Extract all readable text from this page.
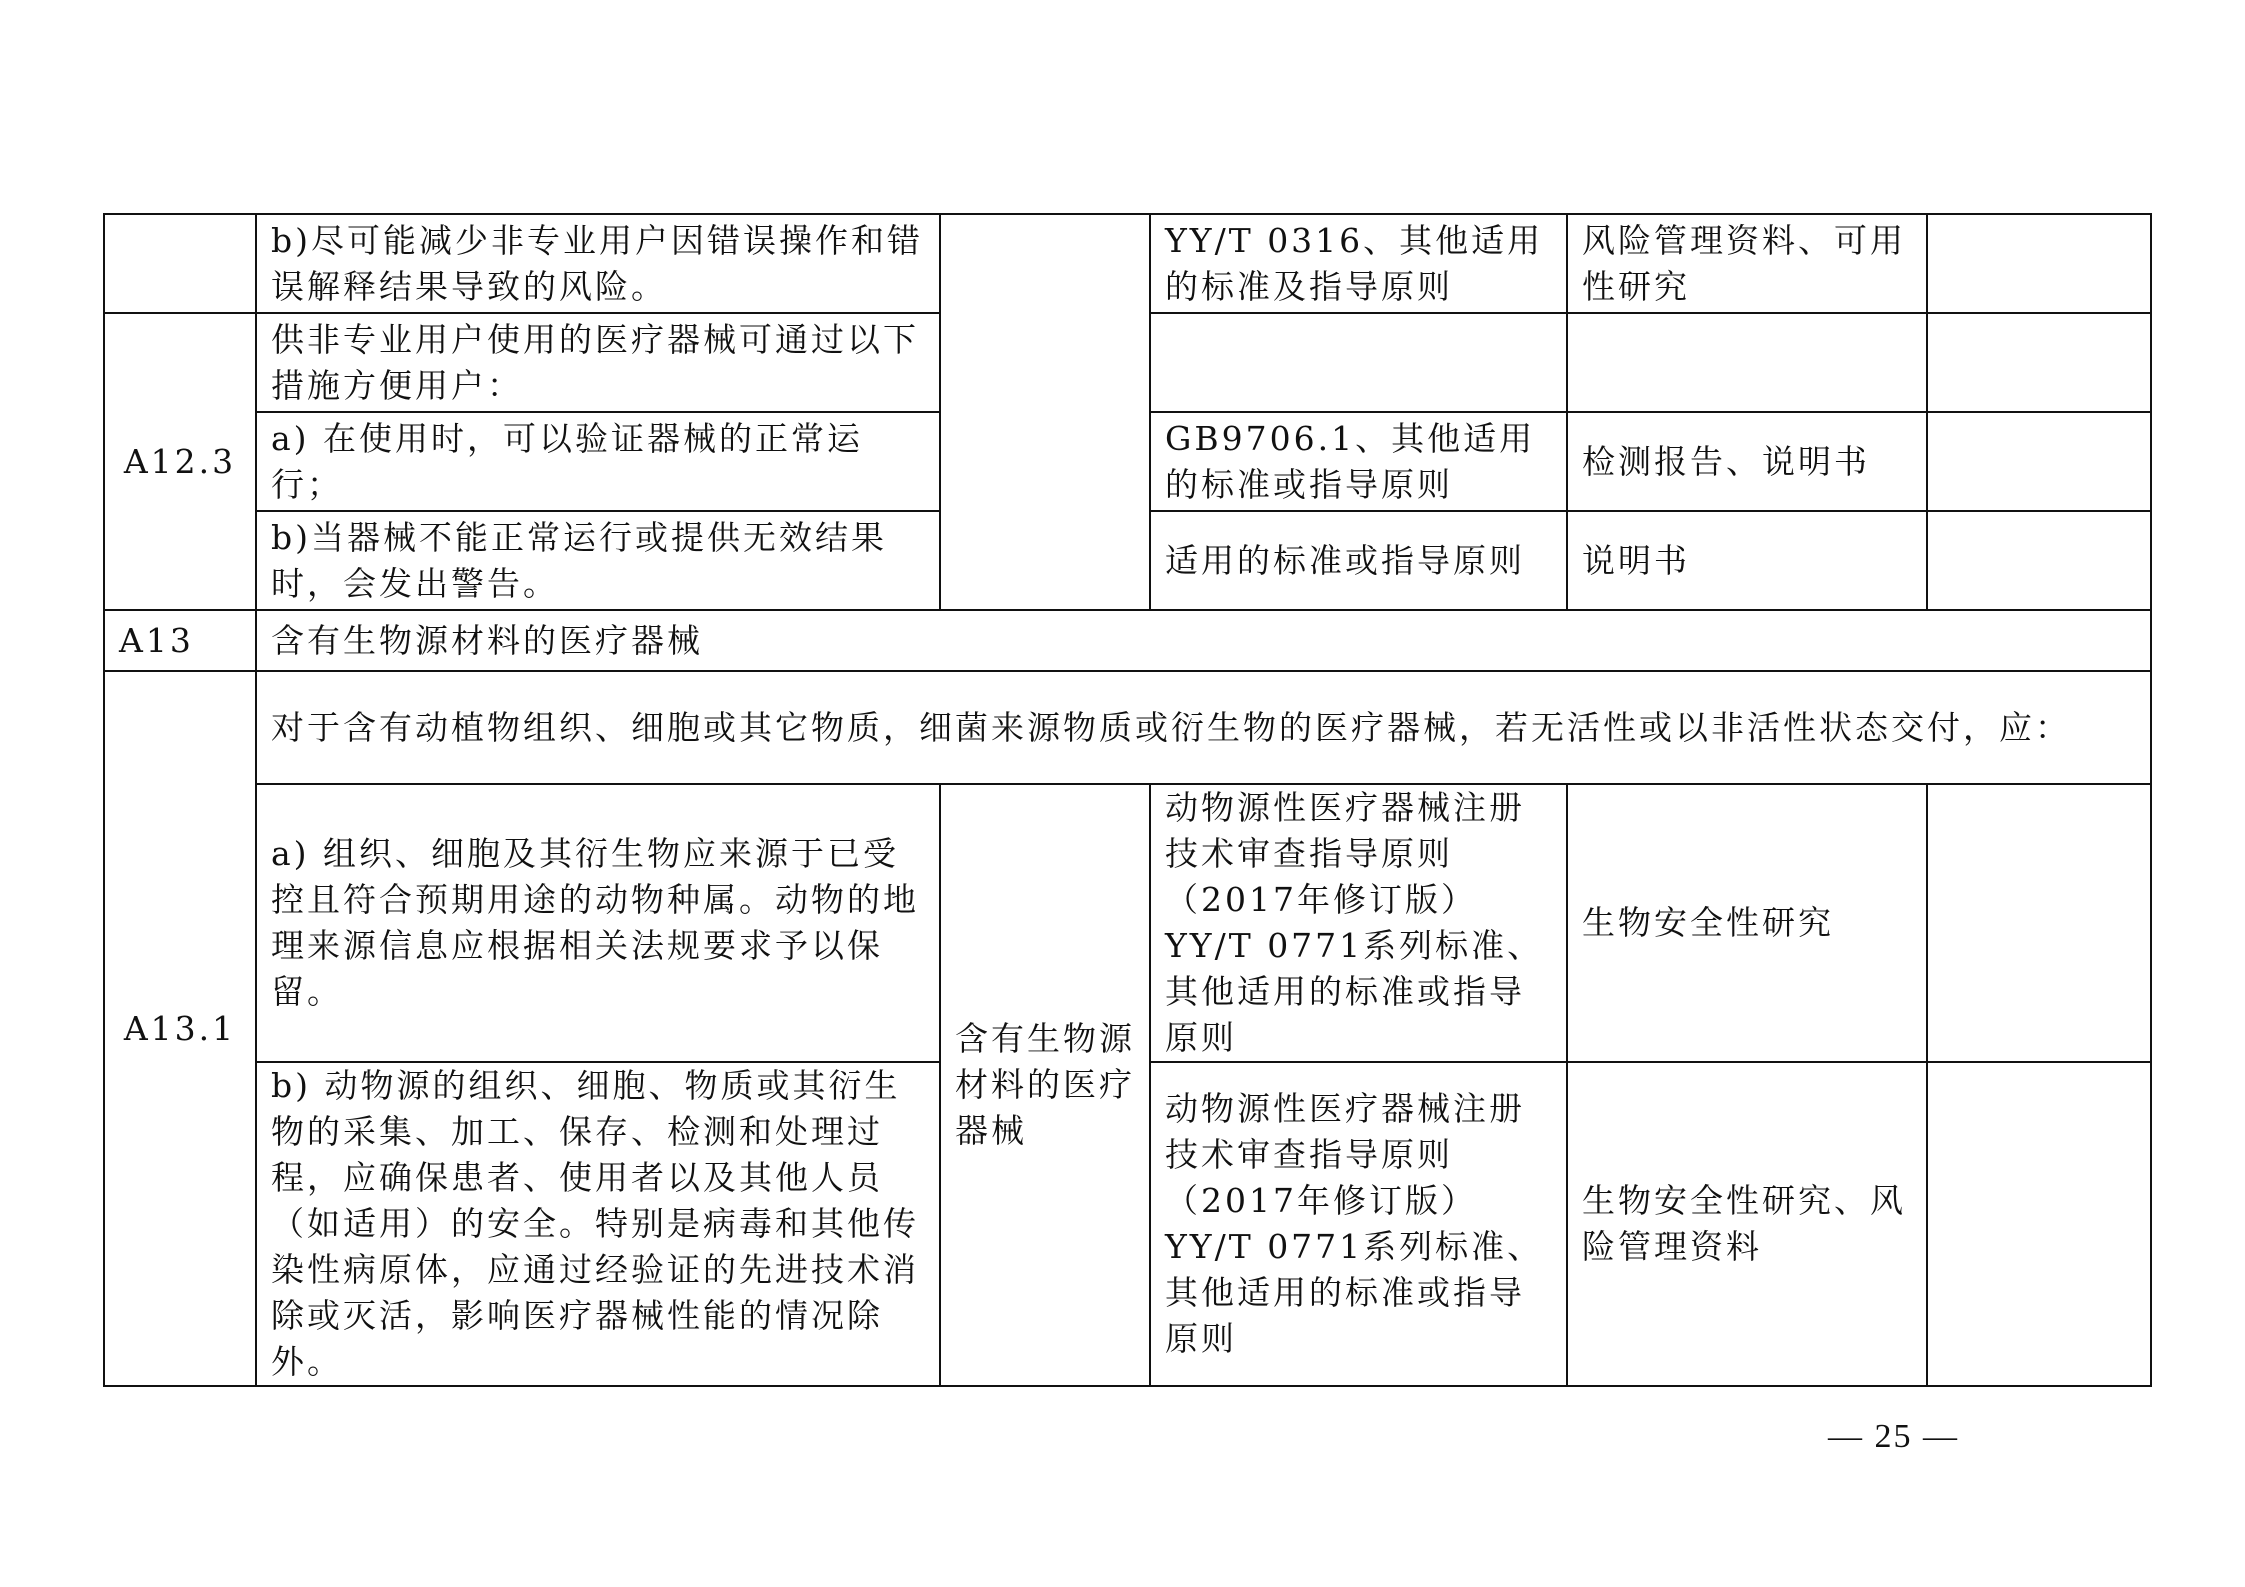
	b)尽可能减少非专业用户因错误操作和错误解释结果导致的风险。		YY/T 0316、其他适用的标准及指导原则	风险管理资料、可用性研究	
A12.3	供非专业用户使用的医疗器械可通过以下措施方便用户：				
	a) 在使用时，可以验证器械的正常运行；		GB9706.1、其他适用的标准或指导原则	检测报告、说明书	
	b)当器械不能正常运行或提供无效结果时，会发出警告。		适用的标准或指导原则	说明书	
A13	含有生物源材料的医疗器械				
A13.1	对于含有动植物组织、细胞或其它物质，细菌来源物质或衍生物的医疗器械，若无活性或以非活性状态交付，应：				
	a) 组织、细胞及其衍生物应来源于已受控且符合预期用途的动物种属。动物的地理来源信息应根据相关法规要求予以保留。	含有生物源材料的医疗器械	动物源性医疗器械注册技术审查指导原则（2017年修订版）YY/T 0771系列标准、其他适用的标准或指导原则	生物安全性研究	
	b) 动物源的组织、细胞、物质或其衍生物的采集、加工、保存、检测和处理过程，应确保患者、使用者以及其他人员（如适用）的安全。特别是病毒和其他传染性病原体，应通过经验证的先进技术消除或灭活，影响医疗器械性能的情况除外。		动物源性医疗器械注册技术审查指导原则（2017年修订版）YY/T 0771系列标准、其他适用的标准或指导原则	生物安全性研究、风险管理资料	
— 25 —
